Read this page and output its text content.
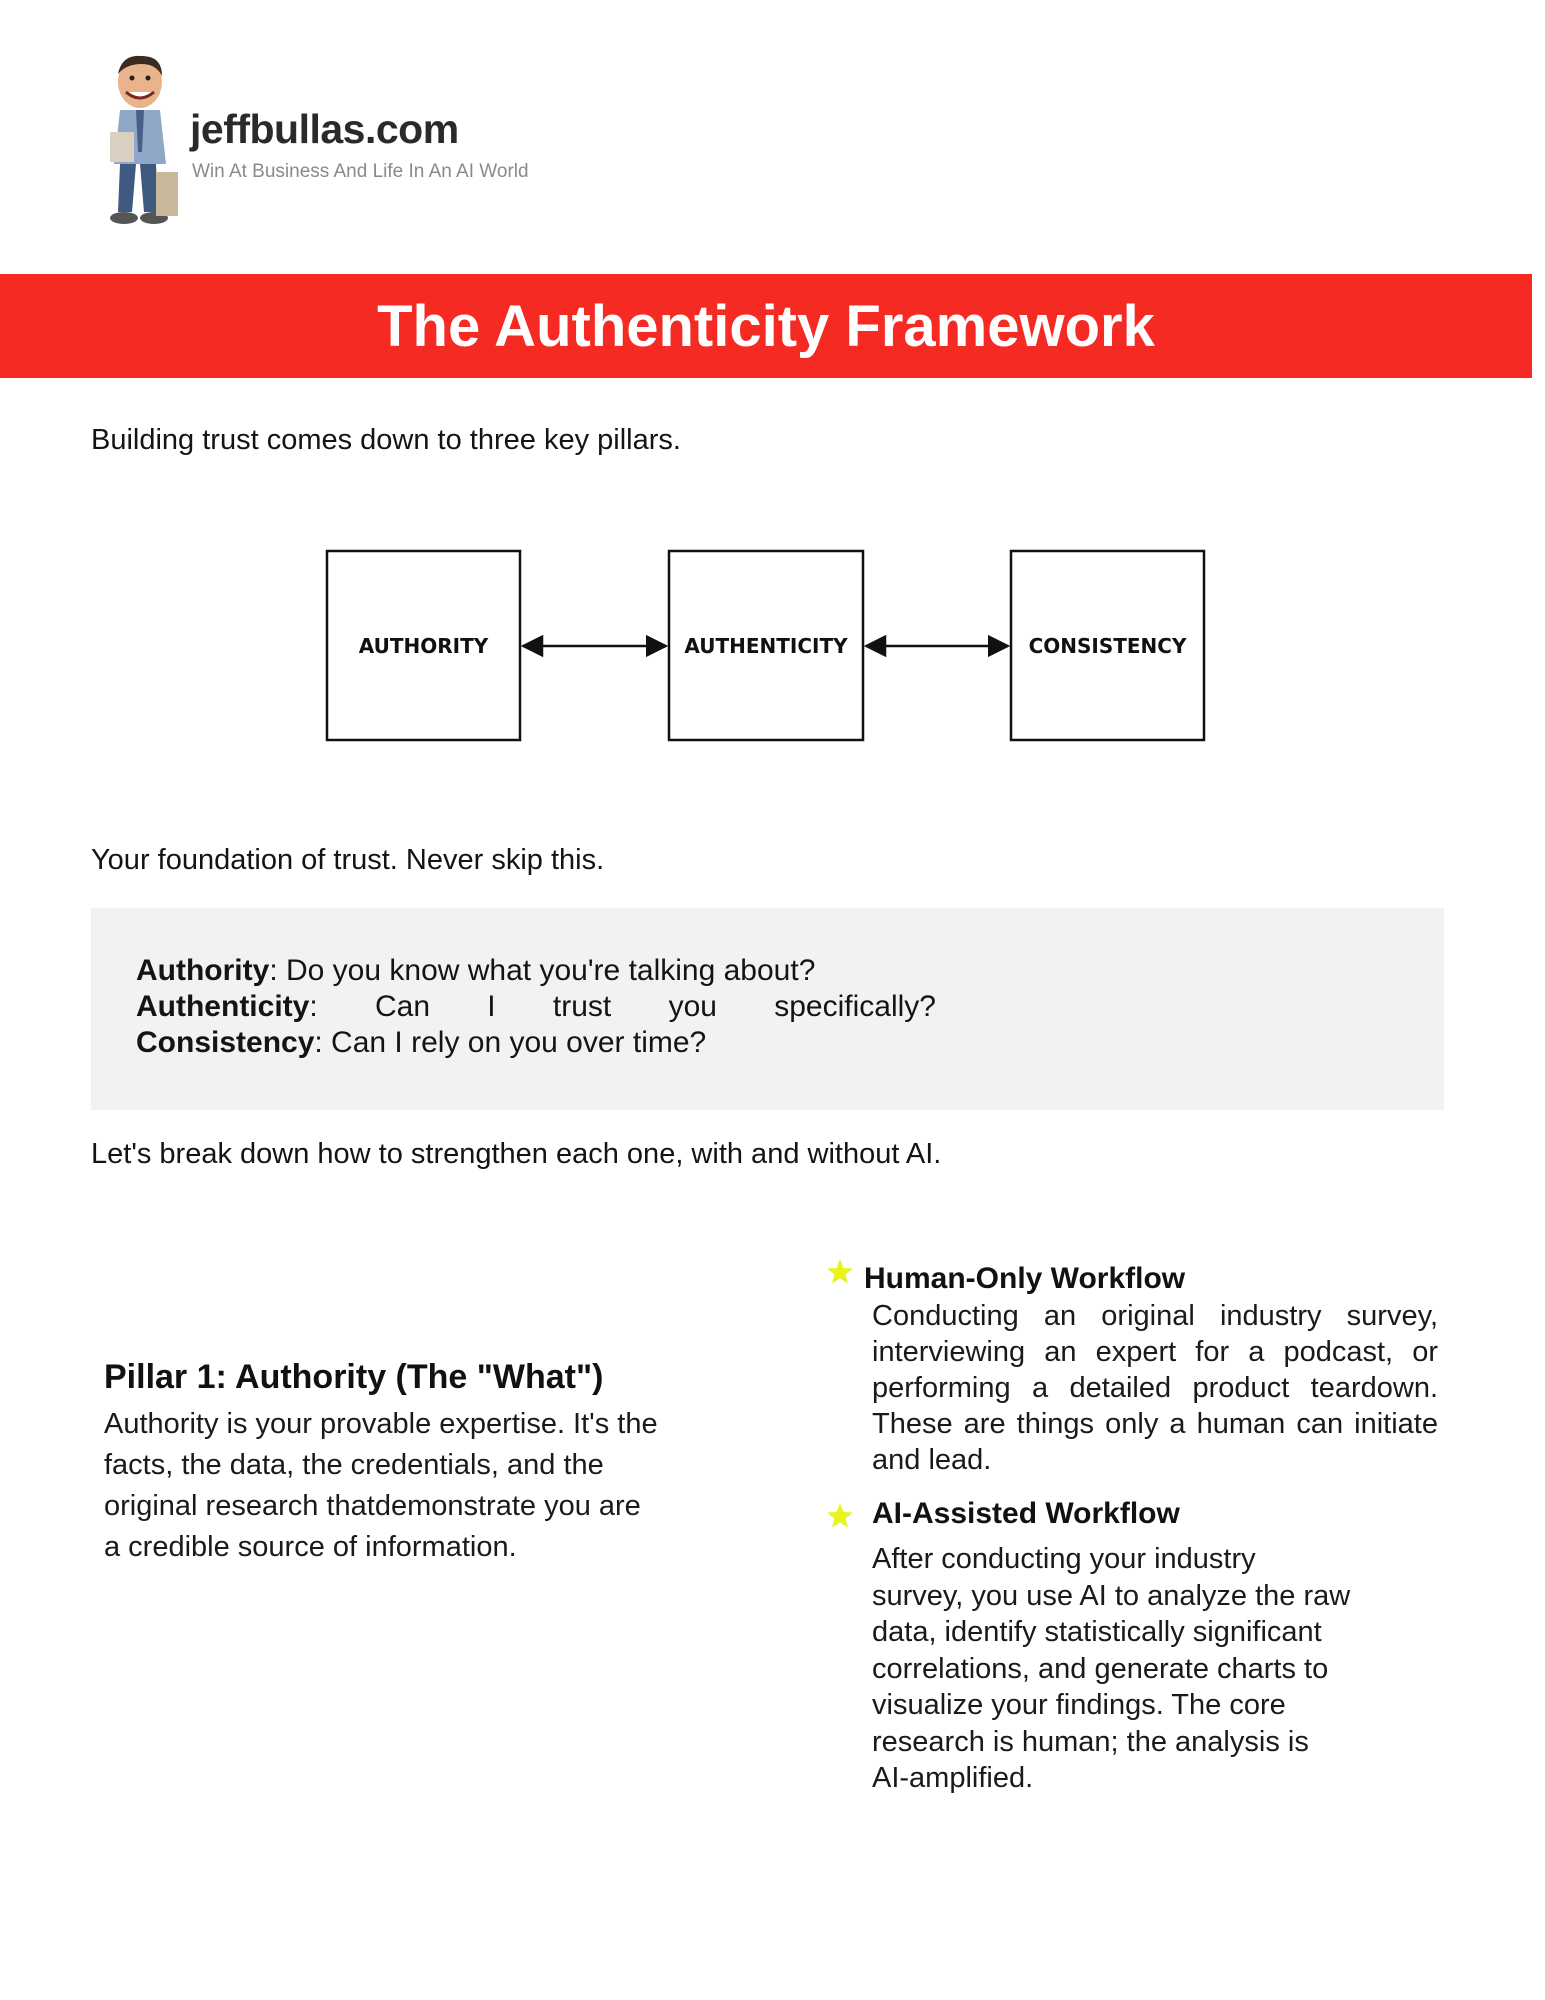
jeffbullas.com
Win At Business And Life In An AI World
The Authenticity Framework
Building trust comes down to three key pillars.
AUTHORITY	AUTHENTICITY	CONSISTENCY
Your foundation of trust. Never skip this.
Authority: Do you know what you're talking about?
Authenticity: Can I trust you specifically?
Consistency: Can I rely on you over time?
Let's break down how to strengthen each one, with and without AI.
Pillar 1: Authority (The "What")
Authority is your provable expertise. It's the
facts, the data, the credentials, and the
original research thatdemonstrate you are
a credible source of information.
Human-Only Workflow
Conducting an original industry survey, interviewing an expert for a podcast, or performing a detailed product teardown. These are things only a human can initiate and lead.
AI-Assisted Workflow
After conducting your industry
survey, you use AI to analyze the raw
data, identify statistically significant
correlations, and generate charts to
visualize your findings. The core
research is human; the analysis is
AI-amplified.
